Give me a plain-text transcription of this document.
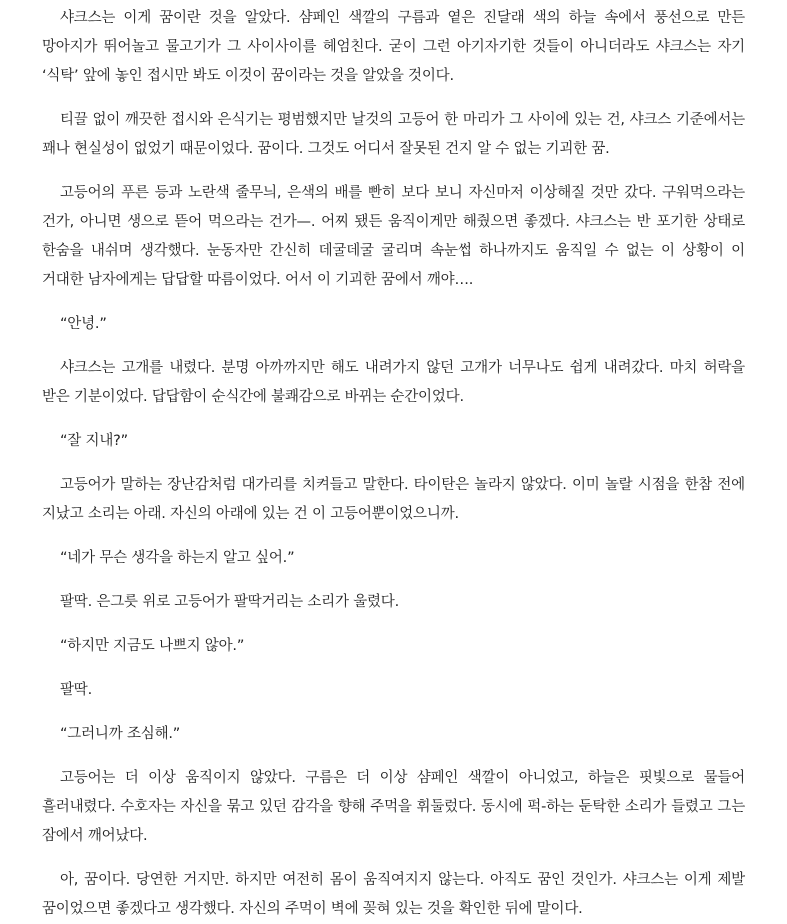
샤크스는 이게 꿈이란 것을 알았다. 샴페인 색깔의 구름과 옅은 진달래 색의 하늘 속에서 풍선으로 만든 망아지가 뛰어놀고 물고기가 그 사이사이를 헤엄친다. 굳이 그런 아기자기한 것들이 아니더라도 샤크스는 자기 ‘식탁’ 앞에 놓인 접시만 봐도 이것이 꿈이라는 것을 알았을 것이다.

티끌 없이 깨끗한 접시와 은식기는 평범했지만 날것의 고등어 한 마리가 그 사이에 있는 건, 샤크스 기준에서는 꽤나 현실성이 없었기 때문이었다. 꿈이다. 그것도 어디서 잘못된 건지 알 수 없는 기괴한 꿈.

고등어의 푸른 등과 노란색 줄무늬, 은색의 배를 빤히 보다 보니 자신마저 이상해질 것만 갔다. 구워먹으라는 건가, 아니면 생으로 뜯어 먹으라는 건가—. 어찌 됐든 움직이게만 해줬으면 좋겠다. 샤크스는 반 포기한 상태로 한숨을 내쉬며 생각했다. 눈동자만 간신히 데굴데굴 굴리며 속눈썹 하나까지도 움직일 수 없는 이 상황이 이 거대한 남자에게는 답답할 따름이었다. 어서 이 기괴한 꿈에서 깨야….

“안녕.”

샤크스는 고개를 내렸다. 분명 아까까지만 해도 내려가지 않던 고개가 너무나도 쉽게 내려갔다. 마치 허락을 받은 기분이었다. 답답함이 순식간에 불쾌감으로 바뀌는 순간이었다.

“잘 지내?”

고등어가 말하는 장난감처럼 대가리를 치켜들고 말한다. 타이탄은 놀라지 않았다. 이미 놀랄 시점을 한참 전에 지났고 소리는 아래. 자신의 아래에 있는 건 이 고등어뿐이었으니까.

“네가 무슨 생각을 하는지 알고 싶어.”

팔딱. 은그릇 위로 고등어가 팔딱거리는 소리가 울렸다.

“하지만 지금도 나쁘지 않아.”

팔딱.

“그러니까 조심해.”

고등어는 더 이상 움직이지 않았다. 구름은 더 이상 샴페인 색깔이 아니었고, 하늘은 핏빛으로 물들어 흘러내렸다. 수호자는 자신을 묶고 있던 감각을 향해 주먹을 휘둘렀다. 동시에 퍽-하는 둔탁한 소리가 들렸고 그는 잠에서 깨어났다.

아, 꿈이다. 당연한 거지만. 하지만 여전히 몸이 움직여지지 않는다. 아직도 꿈인 것인가. 샤크스는 이게 제발 꿈이었으면 좋겠다고 생각했다. 자신의 주먹이 벽에 꽂혀 있는 것을 확인한 뒤에 말이다.
